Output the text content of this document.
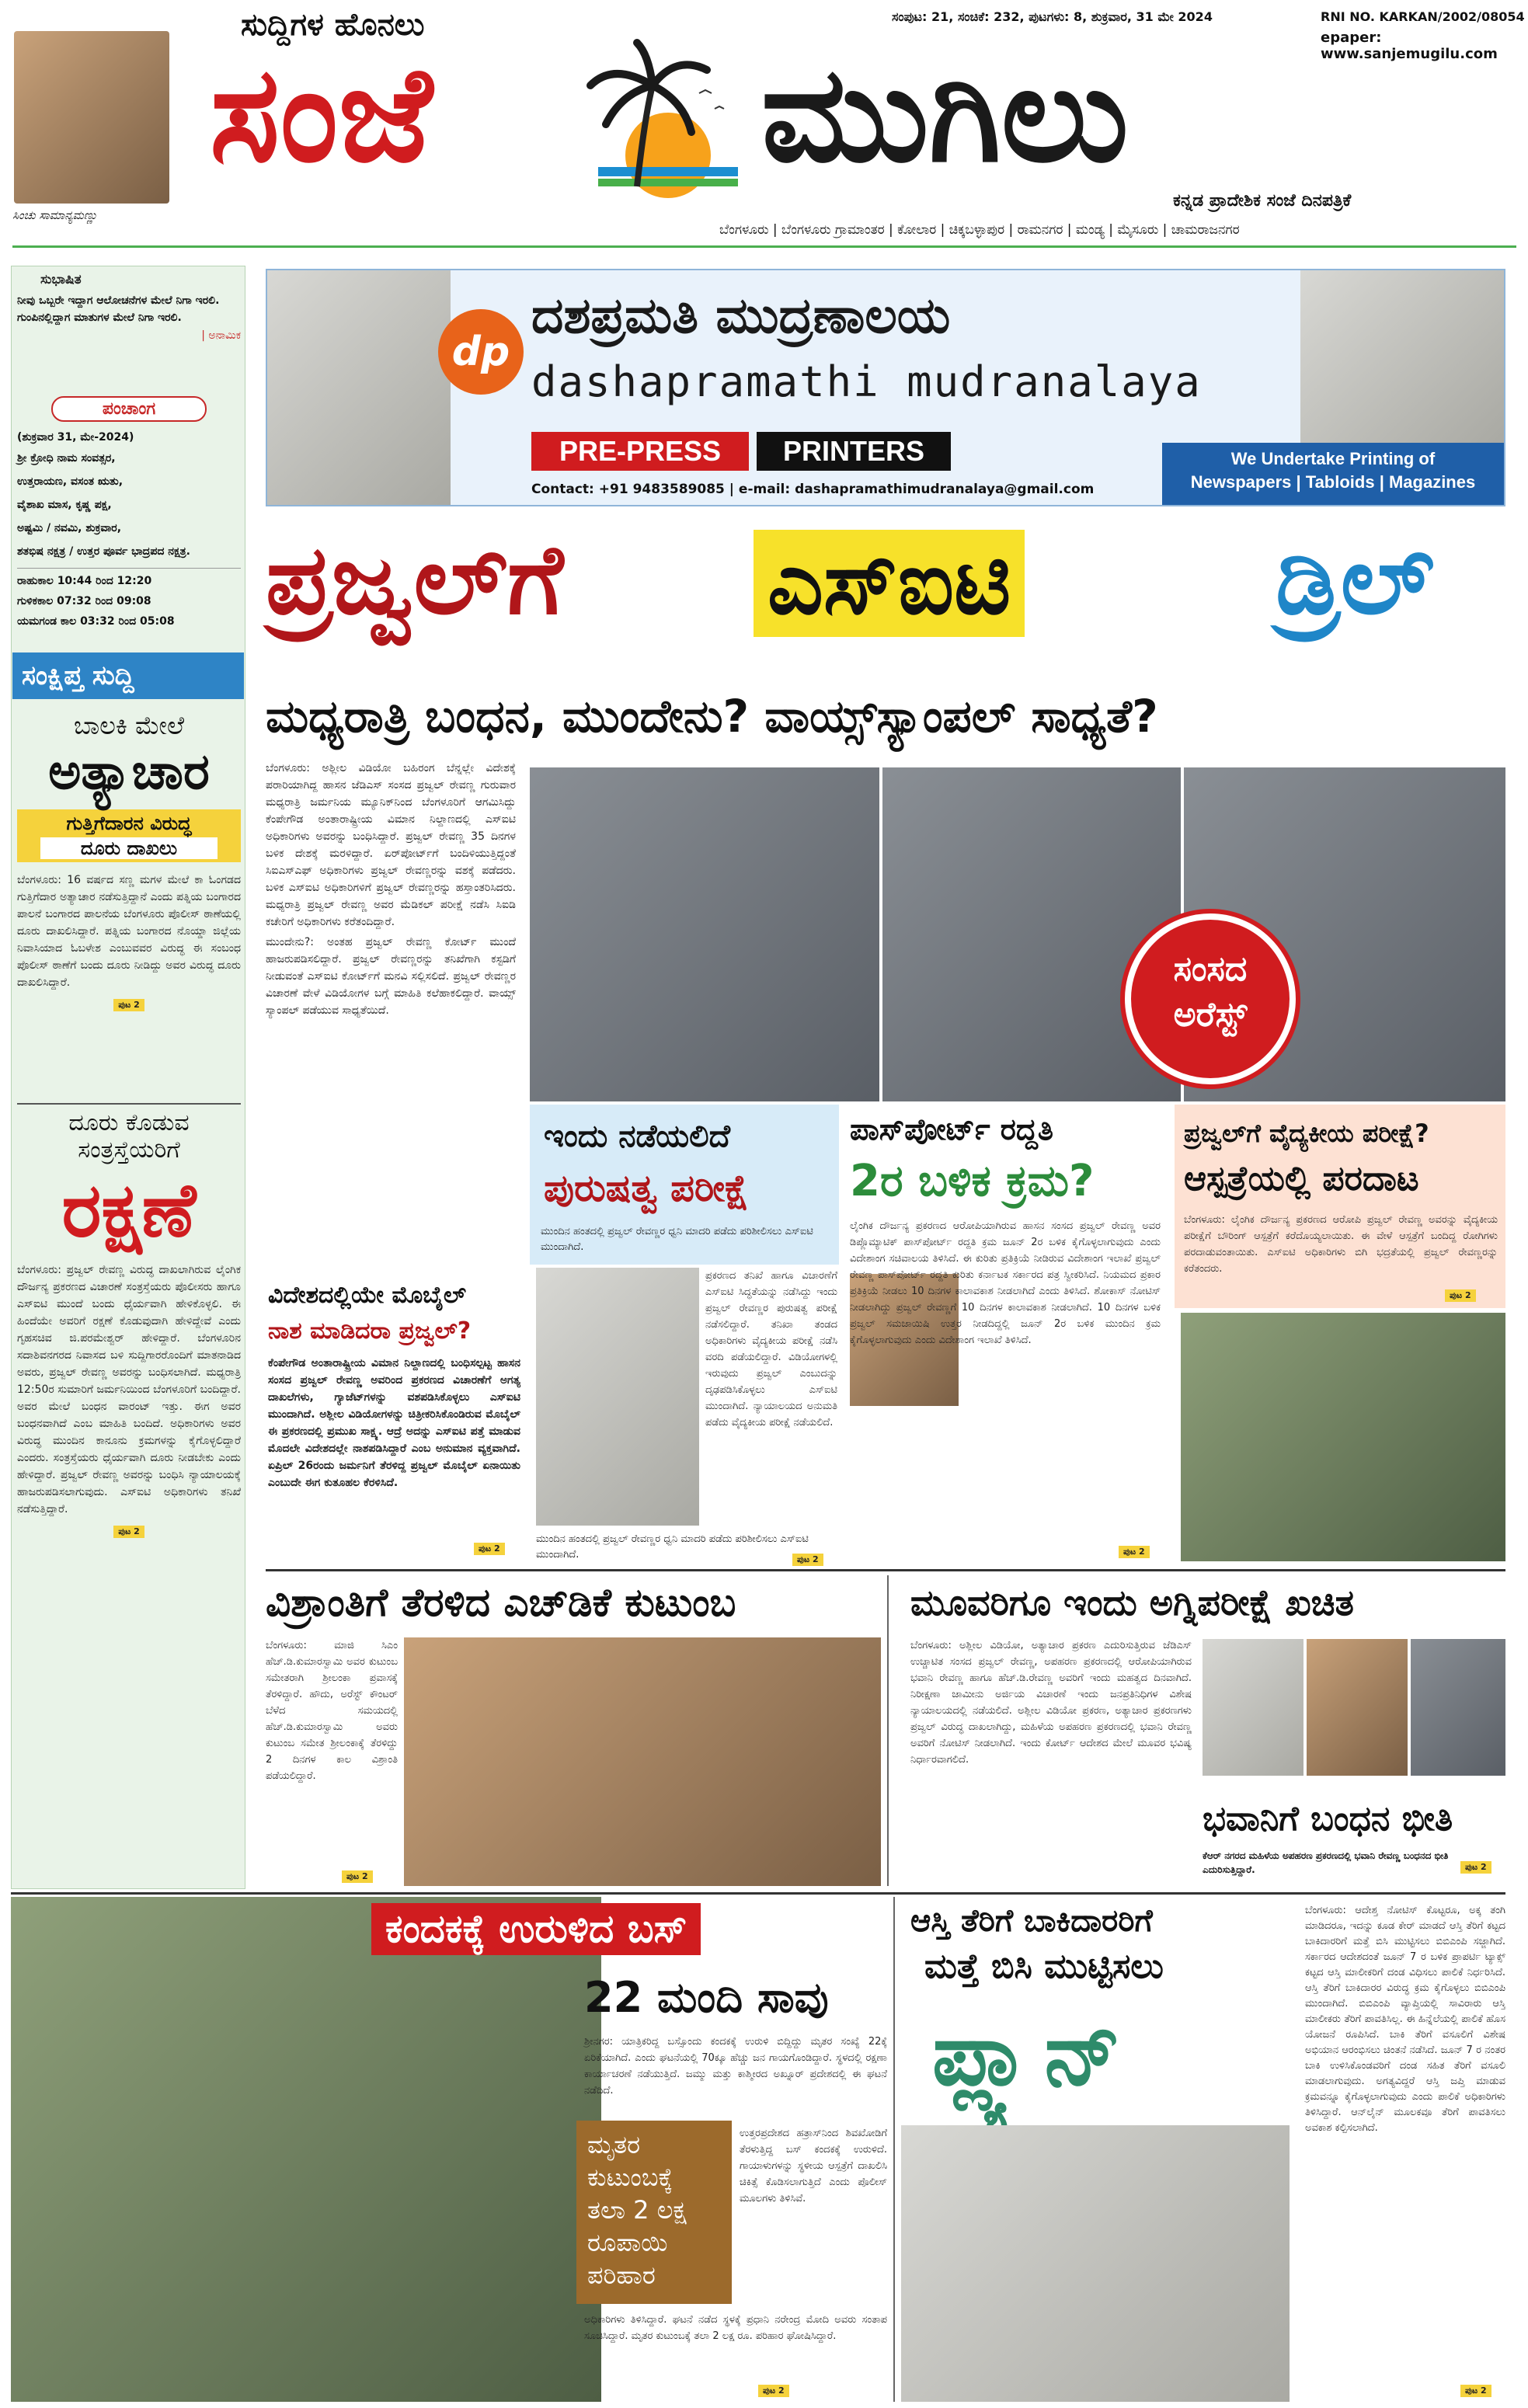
ಸಿಂಚು ಸಾಮಾನ್ಯಮಣ್ಣು
ಸುದ್ದಿಗಳ ಹೊನಲು
ಸಂಜೆ ಮುಗಿಲು
ಸಂಪುಟ: 21, ಸಂಚಿಕೆ: 232, ಪುಟಗಳು: 8, ಶುಕ್ರವಾರ, 31 ಮೇ 2024	RNI NO. KARKAN/2002/08054
epaper: www.sanjemugilu.com
ಕನ್ನಡ ಪ್ರಾದೇಶಿಕ ಸಂಜೆ ದಿನಪತ್ರಿಕೆ
ಬೆಂಗಳೂರು | ಬೆಂಗಳೂರು ಗ್ರಾಮಾಂತರ | ಕೋಲಾರ | ಚಿಕ್ಕಬಳ್ಳಾಪುರ | ರಾಮನಗರ | ಮಂಡ್ಯ | ಮೈಸೂರು | ಚಾಮರಾಜನಗರ
ಸುಭಾಷಿತ
ನೀವು ಒಬ್ಬರೇ ಇದ್ದಾಗ ಆಲೋಚನೆಗಳ ಮೇಲೆ ನಿಗಾ ಇರಲಿ. ಗುಂಪಿನಲ್ಲಿದ್ದಾಗ ಮಾತುಗಳ ಮೇಲೆ ನಿಗಾ ಇರಲಿ.
| ಅನಾಮಿಕ
ಪಂಚಾಂಗ
(ಶುಕ್ರವಾರ 31, ಮೇ-2024)
ಶ್ರೀ ಕ್ರೋಧಿ ನಾಮ ಸಂವತ್ಸರ,
ಉತ್ತರಾಯಣ, ವಸಂತ ಋತು,
ವೈಶಾಖ ಮಾಸ, ಕೃಷ್ಣ ಪಕ್ಷ,
ಅಷ್ಟಮಿ / ನವಮಿ, ಶುಕ್ರವಾರ,
ಶತಭಿಷ ನಕ್ಷತ್ರ / ಉತ್ತರ ಪೂರ್ವ ಭಾದ್ರಪದ ನಕ್ಷತ್ರ.
ರಾಹುಕಾಲ 10:44 ರಿಂದ 12:20
ಗುಳಿಕಕಾಲ 07:32 ರಿಂದ 09:08
ಯಮಗಂಡ ಕಾಲ 03:32 ರಿಂದ 05:08
ಸಂಕ್ಷಿಪ್ತ ಸುದ್ದಿ
ಬಾಲಕಿ ಮೇಲೆ
ಅತ್ಯಾಚಾರ
ಗುತ್ತಿಗೆದಾರನ ವಿರುದ್ಧ
ದೂರು ದಾಖಲು
ಬೆಂಗಳೂರು: 16 ವರ್ಷದ ಸಣ್ಣ ಮಗಳ ಮೇಲೆ ಕಾ ಓಂಗಡದ ಗುತ್ತಿಗೆದಾರ ಅತ್ಯಾಚಾರ ನಡೆಸುತ್ತಿದ್ದಾನೆ ಎಂದು ಪತ್ನಿಯ ಬಂಗಾರದ ಪಾಲನೆ ಬಂಗಾರದ ಪಾಲನೆಯ ಬೆಂಗಳೂರು ಪೊಲೀಸ್ ಠಾಣೆಯಲ್ಲಿ ದೂರು ದಾಖಲಿಸಿದ್ದಾರೆ. ಪತ್ನಿಯ ಬಂಗಾರದ ನೊಯ್ಡಾ ಜಿಲ್ಲೆಯ ನಿವಾಸಿಯಾದ ಓಬಳೇಶ ಎಂಬುವವರ ವಿರುದ್ಧ ಈ ಸಂಬಂಧ ಪೊಲೀಸ್ ಠಾಣೆಗೆ ಬಂದು ದೂರು ನೀಡಿದ್ದು ಅವರ ವಿರುದ್ಧ ದೂರು ದಾಖಲಿಸಿದ್ದಾರೆ.
ಪುಟ 2
ದೂರು ಕೊಡುವ
ಸಂತ್ರಸ್ತೆಯರಿಗೆ
ರಕ್ಷಣೆ
ಬೆಂಗಳೂರು: ಪ್ರಜ್ವಲ್ ರೇವಣ್ಣ ವಿರುದ್ಧ ದಾಖಲಾಗಿರುವ ಲೈಂಗಿಕ ದೌರ್ಜನ್ಯ ಪ್ರಕರಣದ ವಿಚಾರಣೆ ಸಂತ್ರಸ್ತೆಯರು ಪೊಲೀಸರು ಹಾಗೂ ಎಸ್‌ಐಟಿ ಮುಂದೆ ಬಂದು ಧೈರ್ಯವಾಗಿ ಹೇಳಿಕೊಳ್ಳಲಿ. ಈ ಹಿಂದೆಯೇ ಅವರಿಗೆ ರಕ್ಷಣೆ ಕೊಡುವುದಾಗಿ ಹೇಳಿದ್ದೇವೆ ಎಂದು ಗೃಹಸಚಿವ ಜಿ.ಪರಮೇಶ್ವರ್ ಹೇಳಿದ್ದಾರೆ. ಬೆಂಗಳೂರಿನ ಸದಾಶಿವನಗರದ ನಿವಾಸದ ಬಳಿ ಸುದ್ದಿಗಾರರೊಂದಿಗೆ ಮಾತನಾಡಿದ ಅವರು, ಪ್ರಜ್ವಲ್ ರೇವಣ್ಣ ಅವರನ್ನು ಬಂಧಿಸಲಾಗಿದೆ. ಮಧ್ಯರಾತ್ರಿ 12:50ರ ಸುಮಾರಿಗೆ ಜರ್ಮನಿಯಿಂದ ಬೆಂಗಳೂರಿಗೆ ಬಂದಿದ್ದಾರೆ. ಅವರ ಮೇಲೆ ಬಂಧನ ವಾರಂಟ್ ಇತ್ತು. ಈಗ ಅವರ ಬಂಧನವಾಗಿದೆ ಎಂಬ ಮಾಹಿತಿ ಬಂದಿದೆ. ಅಧಿಕಾರಿಗಳು ಅವರ ವಿರುದ್ಧ ಮುಂದಿನ ಕಾನೂನು ಕ್ರಮಗಳನ್ನು ಕೈಗೊಳ್ಳಲಿದ್ದಾರೆ ಎಂದರು. ಸಂತ್ರಸ್ತೆಯರು ಧೈರ್ಯವಾಗಿ ದೂರು ನೀಡಬೇಕು ಎಂದು ಹೇಳಿದ್ದಾರೆ. ಪ್ರಜ್ವಲ್ ರೇವಣ್ಣ ಅವರನ್ನು ಬಂಧಿಸಿ ನ್ಯಾಯಾಲಯಕ್ಕೆ ಹಾಜರುಪಡಿಸಲಾಗುವುದು. ಎಸ್‌ಐಟಿ ಅಧಿಕಾರಿಗಳು ತನಿಖೆ ನಡೆಸುತ್ತಿದ್ದಾರೆ.
ಪುಟ 2
dp
ದಶಪ್ರಮತಿ ಮುದ್ರಣಾಲಯ
dashapramathi mudranalaya
PRE-PRESS	PRINTERS
Contact: +91 9483589085 | e-mail: dashapramathimudranalaya@gmail.com
We Undertake Printing of
Newspapers | Tabloids | Magazines
ಪ್ರಜ್ವಲ್‌ಗೆ ಎಸ್‌ಐಟಿ	ಡ್ರಿಲ್
ಮಧ್ಯರಾತ್ರಿ ಬಂಧನ, ಮುಂದೇನು? ವಾಯ್ಸ್‌ಸ್ಯಾಂಪಲ್ ಸಾಧ್ಯತೆ?
ಬೆಂಗಳೂರು: ಅಶ್ಲೀಲ ವಿಡಿಯೋ ಬಹಿರಂಗ ಬೆನ್ನಲ್ಲೇ ವಿದೇಶಕ್ಕೆ ಪರಾರಿಯಾಗಿದ್ದ ಹಾಸನ ಜೆಡಿಎಸ್ ಸಂಸದ ಪ್ರಜ್ವಲ್ ರೇವಣ್ಣ ಗುರುವಾರ ಮಧ್ಯರಾತ್ರಿ ಜರ್ಮನಿಯ ಮ್ಯೂನಿಕ್‌ನಿಂದ ಬೆಂಗಳೂರಿಗೆ ಆಗಮಿಸಿದ್ದು ಕೆಂಪೇಗೌಡ ಅಂತಾರಾಷ್ಟ್ರೀಯ ವಿಮಾನ ನಿಲ್ದಾಣದಲ್ಲಿ ಎಸ್‌ಐಟಿ ಅಧಿಕಾರಿಗಳು ಅವರನ್ನು ಬಂಧಿಸಿದ್ದಾರೆ. ಪ್ರಜ್ವಲ್ ರೇವಣ್ಣ 35 ದಿನಗಳ ಬಳಿಕ ದೇಶಕ್ಕೆ ಮರಳಿದ್ದಾರೆ. ಏರ್‌ಪೋರ್ಟ್‌ಗೆ ಬಂದಿಳಿಯುತ್ತಿದ್ದಂತೆ ಸಿಐಎಸ್‌ಎಫ್ ಅಧಿಕಾರಿಗಳು ಪ್ರಜ್ವಲ್ ರೇವಣ್ಣರನ್ನು ವಶಕ್ಕೆ ಪಡೆದರು. ಬಳಿಕ ಎಸ್‌ಐಟಿ ಅಧಿಕಾರಿಗಳಿಗೆ ಪ್ರಜ್ವಲ್ ರೇವಣ್ಣರನ್ನು ಹಸ್ತಾಂತರಿಸಿದರು. ಮಧ್ಯರಾತ್ರಿ ಪ್ರಜ್ವಲ್ ರೇವಣ್ಣ ಅವರ ಮೆಡಿಕಲ್ ಪರೀಕ್ಷೆ ನಡೆಸಿ ಸಿಐಡಿ ಕಚೇರಿಗೆ ಅಧಿಕಾರಿಗಳು ಕರೆತಂದಿದ್ದಾರೆ.
ಮುಂದೇನು?: ಅಂತಹ ಪ್ರಜ್ವಲ್ ರೇವಣ್ಣ ಕೋರ್ಟ್ ಮುಂದೆ ಹಾಜರುಪಡಿಸಲಿದ್ದಾರೆ. ಪ್ರಜ್ವಲ್ ರೇವಣ್ಣರನ್ನು ತನಿಖೆಗಾಗಿ ಕಸ್ಟಡಿಗೆ ನೀಡುವಂತೆ ಎಸ್‌ಐಟಿ ಕೋರ್ಟ್‌ಗೆ ಮನವಿ ಸಲ್ಲಿಸಲಿದೆ. ಪ್ರಜ್ವಲ್ ರೇವಣ್ಣರ ವಿಚಾರಣೆ ವೇಳೆ ವಿಡಿಯೋಗಳ ಬಗ್ಗೆ ಮಾಹಿತಿ ಕಲೆಹಾಕಲಿದ್ದಾರೆ. ವಾಯ್ಸ್ ಸ್ಯಾಂಪಲ್ ಪಡೆಯುವ ಸಾಧ್ಯತೆಯಿದೆ.
ಸಂಸದ
ಅರೆಸ್ಟ್
ಇಂದು ನಡೆಯಲಿದೆ
ಪುರುಷತ್ವ ಪರೀಕ್ಷೆ
ಮುಂದಿನ ಹಂತದಲ್ಲಿ ಪ್ರಜ್ವಲ್ ರೇವಣ್ಣರ ಧ್ವನಿ ಮಾದರಿ ಪಡೆದು ಪರಿಶೀಲಿಸಲು ಎಸ್‌ಐಟಿ ಮುಂದಾಗಿದೆ.
ಪ್ರಕರಣದ ತನಿಖೆ ಹಾಗೂ ವಿಚಾರಣೆಗೆ ಎಸ್ಐಟಿ ಸಿದ್ಧತೆಯನ್ನು ನಡೆಸಿದ್ದು ಇಂದು ಪ್ರಜ್ವಲ್ ರೇವಣ್ಣರ ಪುರುಷತ್ವ ಪರೀಕ್ಷೆ ನಡೆಸಲಿದ್ದಾರೆ. ತನಿಖಾ ತಂಡದ ಅಧಿಕಾರಿಗಳು ವೈದ್ಯಕೀಯ ಪರೀಕ್ಷೆ ನಡೆಸಿ ವರದಿ ಪಡೆಯಲಿದ್ದಾರೆ. ವಿಡಿಯೋಗಳಲ್ಲಿ ಇರುವುದು ಪ್ರಜ್ವಲ್ ಎಂಬುದನ್ನು ದೃಢಪಡಿಸಿಕೊಳ್ಳಲು ಎಸ್‌ಐಟಿ ಮುಂದಾಗಿದೆ. ನ್ಯಾಯಾಲಯದ ಅನುಮತಿ ಪಡೆದು ವೈದ್ಯಕೀಯ ಪರೀಕ್ಷೆ ನಡೆಯಲಿದೆ.
ಮುಂದಿನ ಹಂತದಲ್ಲಿ ಪ್ರಜ್ವಲ್ ರೇವಣ್ಣರ ಧ್ವನಿ ಮಾದರಿ ಪಡೆದು ಪರಿಶೀಲಿಸಲು ಎಸ್‌ಐಟಿ ಮುಂದಾಗಿದೆ.	ಪುಟ 2
ವಿದೇಶದಲ್ಲಿಯೇ ಮೊಬೈಲ್
ನಾಶ ಮಾಡಿದರಾ ಪ್ರಜ್ವಲ್?
ಕೆಂಪೇಗೌಡ ಅಂತಾರಾಷ್ಟ್ರೀಯ ವಿಮಾನ ನಿಲ್ದಾಣದಲ್ಲಿ ಬಂಧಿಸಲ್ಪಟ್ಟ ಹಾಸನ ಸಂಸದ ಪ್ರಜ್ವಲ್ ರೇವಣ್ಣ ಅವರಿಂದ ಪ್ರಕರಣದ ವಿಚಾರಣೆಗೆ ಅಗತ್ಯ ದಾಖಲೆಗಳು, ಗ್ಯಾಜೆಟ್‌ಗಳನ್ನು ವಶಪಡಿಸಿಕೊಳ್ಳಲು ಎಸ್‌ಐಟಿ ಮುಂದಾಗಿದೆ. ಅಶ್ಲೀಲ ವಿಡಿಯೋಗಳನ್ನು ಚಿತ್ರೀಕರಿಸಿಕೊಂಡಿರುವ ಮೊಬೈಲ್ ಈ ಪ್ರಕರಣದಲ್ಲಿ ಪ್ರಮುಖ ಸಾಕ್ಷ್ಯ. ಆದ್ರೆ ಅದನ್ನು ಎಸ್‌ಐಟಿ ಪತ್ತೆ ಮಾಡುವ ಮೊದಲೇ ವಿದೇಶದಲ್ಲೇ ನಾಶಪಡಿಸಿದ್ದಾರೆ ಎಂಬ ಅನುಮಾನ ವ್ಯಕ್ತವಾಗಿದೆ. ಏಪ್ರಿಲ್ 26ರಂದು ಜರ್ಮನಿಗೆ ತೆರಳಿದ್ದ ಪ್ರಜ್ವಲ್ ಮೊಬೈಲ್ ಏನಾಯಿತು ಎಂಬುದೇ ಈಗ ಕುತೂಹಲ ಕೆರಳಿಸಿದೆ.
ಪುಟ 2
ಪಾಸ್‌ಪೋರ್ಟ್ ರದ್ದತಿ
2ರ ಬಳಿಕ ಕ್ರಮ?
ಲೈಂಗಿಕ ದೌರ್ಜನ್ಯ ಪ್ರಕರಣದ ಆರೋಪಿಯಾಗಿರುವ ಹಾಸನ ಸಂಸದ ಪ್ರಜ್ವಲ್ ರೇವಣ್ಣ ಅವರ ಡಿಪ್ಲೊಮ್ಯಾಟಿಕ್ ಪಾಸ್‌ಪೋರ್ಟ್ ರದ್ದತಿ ಕ್ರಮ ಜೂನ್ 2ರ ಬಳಿಕ ಕೈಗೊಳ್ಳಲಾಗುವುದು ಎಂದು ವಿದೇಶಾಂಗ ಸಚಿವಾಲಯ ತಿಳಿಸಿದೆ. ಈ ಕುರಿತು ಪ್ರತಿಕ್ರಿಯೆ ನೀಡಿರುವ ವಿದೇಶಾಂಗ ಇಲಾಖೆ ಪ್ರಜ್ವಲ್ ರೇವಣ್ಣ ಪಾಸ್‌ಪೋರ್ಟ್ ರದ್ದತಿ ಕುರಿತು ಕರ್ನಾಟಕ ಸರ್ಕಾರದ ಪತ್ರ ಸ್ವೀಕರಿಸಿದೆ. ನಿಯಮದ ಪ್ರಕಾರ ಪ್ರತಿಕ್ರಿಯೆ ನೀಡಲು 10 ದಿನಗಳ ಕಾಲಾವಕಾಶ ನೀಡಲಾಗಿದೆ ಎಂದು ತಿಳಿಸಿದೆ. ಶೋಕಾಸ್ ನೋಟಿಸ್ ನೀಡಲಾಗಿದ್ದು ಪ್ರಜ್ವಲ್ ರೇವಣ್ಣಗೆ 10 ದಿನಗಳ ಕಾಲಾವಕಾಶ ನೀಡಲಾಗಿದೆ. 10 ದಿನಗಳ ಬಳಿಕ ಪ್ರಜ್ವಲ್ ಸಮಜಾಯಿಷಿ ಉತ್ತರ ನೀಡದಿದ್ದಲ್ಲಿ ಜೂನ್ 2ರ ಬಳಿಕ ಮುಂದಿನ ಕ್ರಮ ಕೈಗೊಳ್ಳಲಾಗುವುದು ಎಂದು ವಿದೇಶಾಂಗ ಇಲಾಖೆ ತಿಳಿಸಿದೆ.
ಪುಟ 2
ಪ್ರಜ್ವಲ್‌ಗೆ ವೈದ್ಯಕೀಯ ಪರೀಕ್ಷೆ?
ಆಸ್ಪತ್ರೆಯಲ್ಲಿ ಪರದಾಟ
ಬೆಂಗಳೂರು: ಲೈಂಗಿಕ ದೌರ್ಜನ್ಯ ಪ್ರಕರಣದ ಆರೋಪಿ ಪ್ರಜ್ವಲ್ ರೇವಣ್ಣ ಅವರನ್ನು ವೈದ್ಯಕೀಯ ಪರೀಕ್ಷೆಗೆ ಬೌರಿಂಗ್ ಆಸ್ಪತ್ರೆಗೆ ಕರೆದೊಯ್ಯಲಾಯಿತು. ಈ ವೇಳೆ ಆಸ್ಪತ್ರೆಗೆ ಬಂದಿದ್ದ ರೋಗಿಗಳು ಪರದಾಡುವಂತಾಯಿತು. ಎಸ್‌ಐಟಿ ಅಧಿಕಾರಿಗಳು ಬಿಗಿ ಭದ್ರತೆಯಲ್ಲಿ ಪ್ರಜ್ವಲ್ ರೇವಣ್ಣರನ್ನು ಕರೆತಂದರು.
ಪುಟ 2
ವಿಶ್ರಾಂತಿಗೆ ತೆರಳಿದ ಎಚ್‌ಡಿಕೆ ಕುಟುಂಬ
ಬೆಂಗಳೂರು: ಮಾಜಿ ಸಿಎಂ ಹೆಚ್.ಡಿ.ಕುಮಾರಸ್ವಾಮಿ ಅವರ ಕುಟುಂಬ ಸಮೇತರಾಗಿ ಶ್ರೀಲಂಕಾ ಪ್ರವಾಸಕ್ಕೆ ತೆರಳಿದ್ದಾರೆ. ಹೌದು, ಅರೆಸ್ಟ್ ಕೌಂಟರ್ ಬೆಳೆದ ಸಮಯದಲ್ಲಿ ಹೆಚ್.ಡಿ.ಕುಮಾರಸ್ವಾಮಿ ಅವರು ಕುಟುಂಬ ಸಮೇತ ಶ್ರೀಲಂಕಾಕ್ಕೆ ತೆರಳಿದ್ದು 2 ದಿನಗಳ ಕಾಲ ವಿಶ್ರಾಂತಿ ಪಡೆಯಲಿದ್ದಾರೆ.
ಪುಟ 2
ಮೂವರಿಗೂ ಇಂದು ಅಗ್ನಿಪರೀಕ್ಷೆ ಖಚಿತ
ಬೆಂಗಳೂರು: ಅಶ್ಲೀಲ ವಿಡಿಯೋ, ಅತ್ಯಾಚಾರ ಪ್ರಕರಣ ಎದುರಿಸುತ್ತಿರುವ ಜೆಡಿಎಸ್ ಉಚ್ಚಾಟಿತ ಸಂಸದ ಪ್ರಜ್ವಲ್ ರೇವಣ್ಣ, ಅಪಹರಣ ಪ್ರಕರಣದಲ್ಲಿ ಆರೋಪಿಯಾಗಿರುವ ಭವಾನಿ ರೇವಣ್ಣ ಹಾಗೂ ಹೆಚ್.ಡಿ.ರೇವಣ್ಣ ಅವರಿಗೆ ಇಂದು ಮಹತ್ವದ ದಿನವಾಗಿದೆ. ನಿರೀಕ್ಷಣಾ ಜಾಮೀನು ಅರ್ಜಿಯ ವಿಚಾರಣೆ ಇಂದು ಜನಪ್ರತಿನಿಧಿಗಳ ವಿಶೇಷ ನ್ಯಾಯಾಲಯದಲ್ಲಿ ನಡೆಯಲಿದೆ. ಅಶ್ಲೀಲ ವಿಡಿಯೋ ಪ್ರಕರಣ, ಅತ್ಯಾಚಾರ ಪ್ರಕರಣಗಳು ಪ್ರಜ್ವಲ್ ವಿರುದ್ಧ ದಾಖಲಾಗಿದ್ದು, ಮಹಿಳೆಯ ಅಪಹರಣ ಪ್ರಕರಣದಲ್ಲಿ ಭವಾನಿ ರೇವಣ್ಣ ಅವರಿಗೆ ನೋಟಿಸ್ ನೀಡಲಾಗಿದೆ. ಇಂದು ಕೋರ್ಟ್ ಆದೇಶದ ಮೇಲೆ ಮೂವರ ಭವಿಷ್ಯ ನಿರ್ಧಾರವಾಗಲಿದೆ.
ಭವಾನಿಗೆ ಬಂಧನ ಭೀತಿ
ಕೆಆರ್ ನಗರದ ಮಹಿಳೆಯ ಅಪಹರಣ ಪ್ರಕರಣದಲ್ಲಿ ಭವಾನಿ ರೇವಣ್ಣ ಬಂಧನದ ಭೀತಿ ಎದುರಿಸುತ್ತಿದ್ದಾರೆ.	ಪುಟ 2
ಕಂದಕಕ್ಕೆ ಉರುಳಿದ ಬಸ್
22 ಮಂದಿ ಸಾವು
ಶ್ರೀನಗರ: ಯಾತ್ರಿಕರಿದ್ದ ಬಸ್ಸೊಂದು ಕಂದಕಕ್ಕೆ ಉರುಳಿ ಬಿದ್ದಿದ್ದು ಮೃತರ ಸಂಖ್ಯೆ 22ಕ್ಕೆ ಏರಿಕೆಯಾಗಿದೆ. ಎಂದು ಘಟನೆಯಲ್ಲಿ 70ಕ್ಕೂ ಹೆಚ್ಚು ಜನ ಗಾಯಗೊಂಡಿದ್ದಾರೆ. ಸ್ಥಳದಲ್ಲಿ ರಕ್ಷಣಾ ಕಾರ್ಯಾಚರಣೆ ನಡೆಯುತ್ತಿದೆ. ಜಮ್ಮು ಮತ್ತು ಕಾಶ್ಮೀರದ ಅಖ್ನೂರ್ ಪ್ರದೇಶದಲ್ಲಿ ಈ ಘಟನೆ ನಡೆದಿದೆ.
ಮೃತರ
ಕುಟುಂಬಕ್ಕೆ
ತಲಾ 2 ಲಕ್ಷ
ರೂಪಾಯಿ
ಪರಿಹಾರ
ಉತ್ತರಪ್ರದೇಶದ ಹತ್ರಾಸ್‌ನಿಂದ ಶಿವಖೋಡಿಗೆ ತೆರಳುತ್ತಿದ್ದ ಬಸ್ ಕಂದಕಕ್ಕೆ ಉರುಳಿದೆ. ಗಾಯಾಳುಗಳನ್ನು ಸ್ಥಳೀಯ ಆಸ್ಪತ್ರೆಗೆ ದಾಖಲಿಸಿ ಚಿಕಿತ್ಸೆ ಕೊಡಿಸಲಾಗುತ್ತಿದೆ ಎಂದು ಪೊಲೀಸ್ ಮೂಲಗಳು ತಿಳಿಸಿವೆ.
ಅಧಿಕಾರಿಗಳು ತಿಳಿಸಿದ್ದಾರೆ. ಘಟನೆ ನಡೆದ ಸ್ಥಳಕ್ಕೆ ಪ್ರಧಾನಿ ನರೇಂದ್ರ ಮೋದಿ ಅವರು ಸಂತಾಪ ಸೂಚಿಸಿದ್ದಾರೆ. ಮೃತರ ಕುಟುಂಬಕ್ಕೆ ತಲಾ 2 ಲಕ್ಷ ರೂ. ಪರಿಹಾರ ಘೋಷಿಸಿದ್ದಾರೆ.
ಪುಟ 2
ಆಸ್ತಿ ತೆರಿಗೆ ಬಾಕಿದಾರರಿಗೆ
ಮತ್ತೆ ಬಿಸಿ ಮುಟ್ಟಿಸಲು
ಪ್ಲ್ಯಾನ್
ಬೆಂಗಳೂರು: ಆದೇಶ್ತ ನೋಟಿಸ್ ಕೊಟ್ಟರೂ, ಅಕ್ಕ ತಂಗಿ ಮಾಡಿದರೂ, ಇದನ್ನು ಕೂಡ ಕೇರ್ ಮಾಡದೆ ಆಸ್ತಿ ತೆರಿಗೆ ಕಟ್ಟದ ಬಾಕಿದಾರರಿಗೆ ಮತ್ತೆ ಬಿಸಿ ಮುಟ್ಟಿಸಲು ಬಿಬಿಎಂಪಿ ಸಜ್ಜಾಗಿದೆ. ಸರ್ಕಾರದ ಆದೇಶದಂತೆ ಜೂನ್ 7 ರ ಬಳಿಕ ಪ್ರಾಪರ್ಟಿ ಟ್ಯಾಕ್ಸ್ ಕಟ್ಟದ ಆಸ್ತಿ ಮಾಲೀಕರಿಗೆ ದಂಡ ವಿಧಿಸಲು ಪಾಲಿಕೆ ನಿರ್ಧರಿಸಿದೆ. ಆಸ್ತಿ ತೆರಿಗೆ ಬಾಕಿದಾರರ ವಿರುದ್ಧ ಕ್ರಮ ಕೈಗೊಳ್ಳಲು ಬಿಬಿಎಂಪಿ ಮುಂದಾಗಿದೆ. ಬಿಬಿಎಂಪಿ ವ್ಯಾಪ್ತಿಯಲ್ಲಿ ಸಾವಿರಾರು ಆಸ್ತಿ ಮಾಲೀಕರು ತೆರಿಗೆ ಪಾವತಿಸಿಲ್ಲ. ಈ ಹಿನ್ನೆಲೆಯಲ್ಲಿ ಪಾಲಿಕೆ ಹೊಸ ಯೋಜನೆ ರೂಪಿಸಿದೆ. ಬಾಕಿ ತೆರಿಗೆ ವಸೂಲಿಗೆ ವಿಶೇಷ ಅಭಿಯಾನ ಆರಂಭಿಸಲು ಚಿಂತನೆ ನಡೆಸಿದೆ. ಜೂನ್ 7 ರ ನಂತರ ಬಾಕಿ ಉಳಿಸಿಕೊಂಡವರಿಗೆ ದಂಡ ಸಹಿತ ತೆರಿಗೆ ವಸೂಲಿ ಮಾಡಲಾಗುವುದು. ಅಗತ್ಯವಿದ್ದರೆ ಆಸ್ತಿ ಜಪ್ತಿ ಮಾಡುವ ಕ್ರಮವನ್ನೂ ಕೈಗೊಳ್ಳಲಾಗುವುದು ಎಂದು ಪಾಲಿಕೆ ಅಧಿಕಾರಿಗಳು ತಿಳಿಸಿದ್ದಾರೆ. ಆನ್‌ಲೈನ್ ಮೂಲಕವೂ ತೆರಿಗೆ ಪಾವತಿಸಲು ಅವಕಾಶ ಕಲ್ಪಿಸಲಾಗಿದೆ.
ಪುಟ 2
